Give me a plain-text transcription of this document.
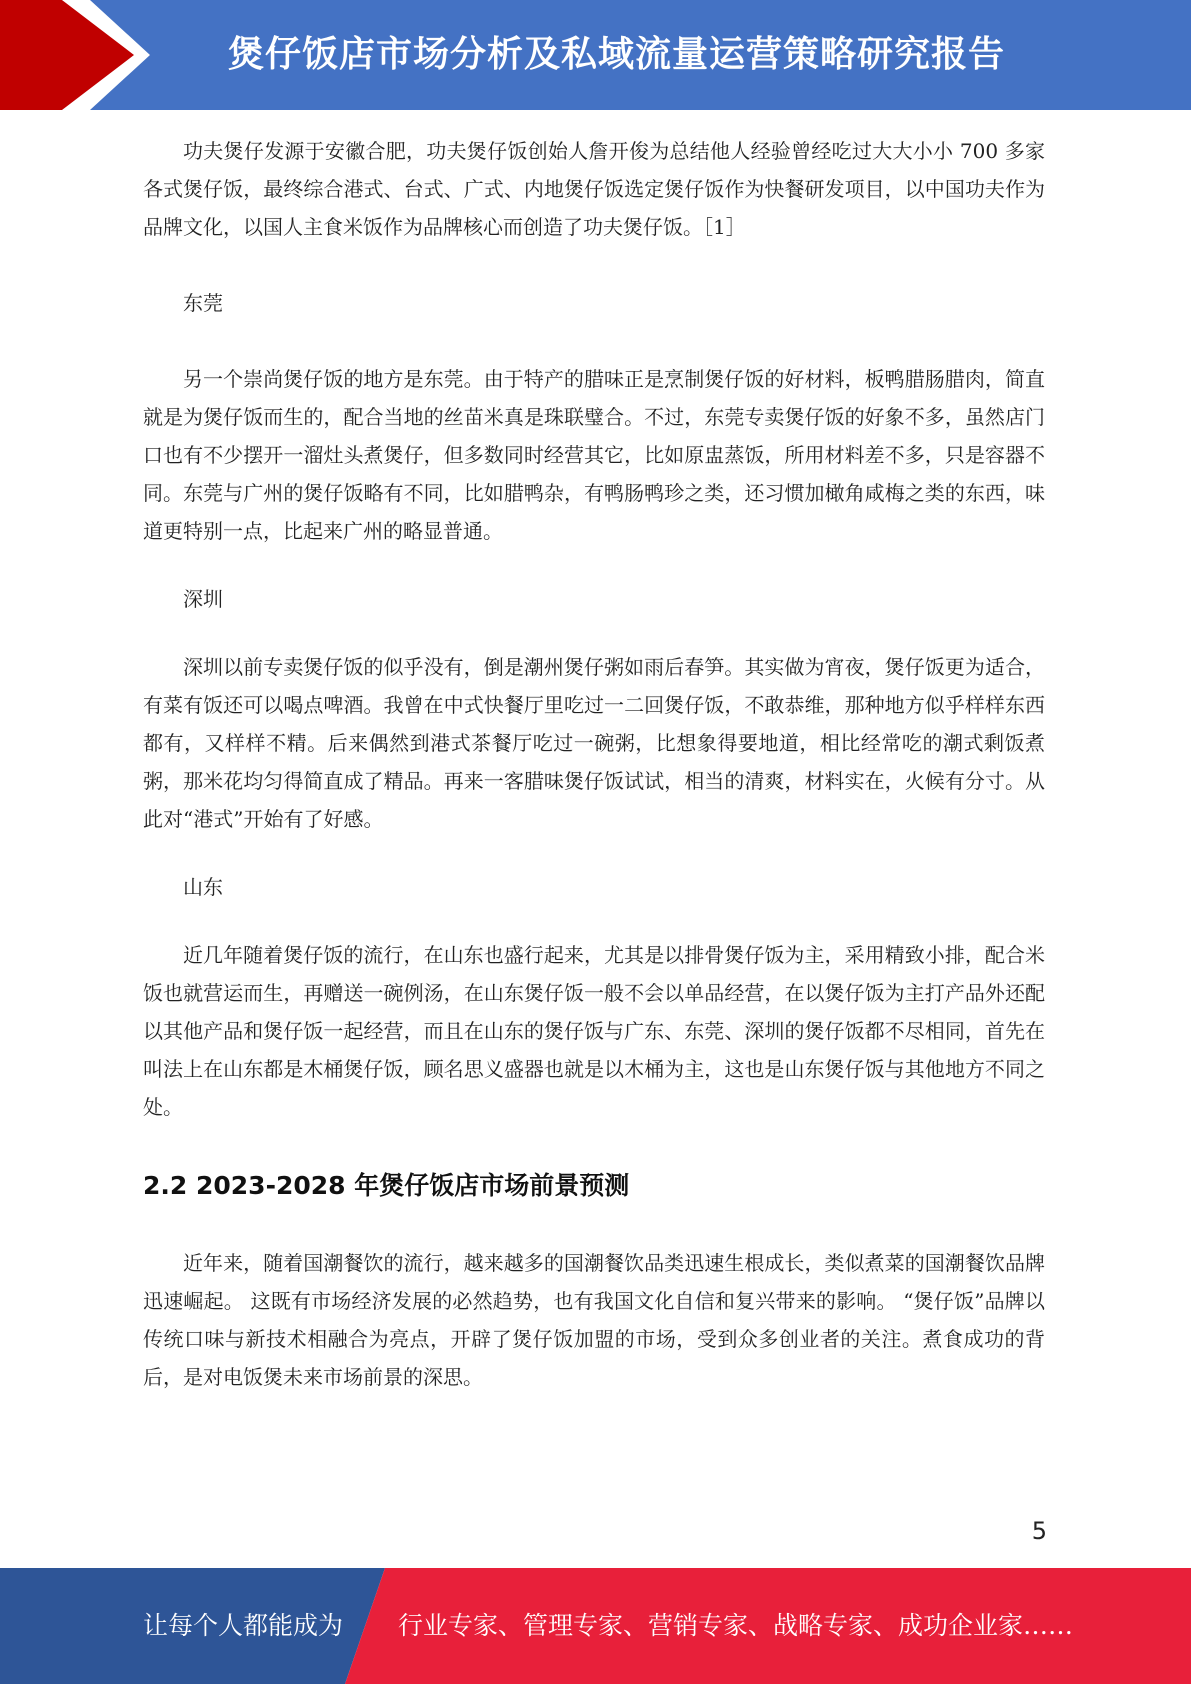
煲仔饭店市场分析及私域流量运营策略研究报告

功夫煲仔发源于安徽合肥，功夫煲仔饭创始人詹开俊为总结他人经验曾经吃过大大小小 700 多家各式煲仔饭，最终综合港式、台式、广式、内地煲仔饭选定煲仔饭作为快餐研发项目，以中国功夫作为品牌文化，以国人主食米饭作为品牌核心而创造了功夫煲仔饭。［1］

东莞

另一个崇尚煲仔饭的地方是东莞。由于特产的腊味正是烹制煲仔饭的好材料，板鸭腊肠腊肉，简直就是为煲仔饭而生的，配合当地的丝苗米真是珠联璧合。不过，东莞专卖煲仔饭的好象不多，虽然店门口也有不少摆开一溜灶头煮煲仔，但多数同时经营其它，比如原盅蒸饭，所用材料差不多，只是容器不同。东莞与广州的煲仔饭略有不同，比如腊鸭杂，有鸭肠鸭珍之类，还习惯加橄角咸梅之类的东西，味道更特别一点，比起来广州的略显普通。

深圳

深圳以前专卖煲仔饭的似乎没有，倒是潮州煲仔粥如雨后春笋。其实做为宵夜，煲仔饭更为适合，有菜有饭还可以喝点啤酒。我曾在中式快餐厅里吃过一二回煲仔饭，不敢恭维，那种地方似乎样样东西都有，又样样不精。后来偶然到港式茶餐厅吃过一碗粥，比想象得要地道，相比经常吃的潮式剩饭煮粥，那米花均匀得简直成了精品。再来一客腊味煲仔饭试试，相当的清爽，材料实在，火候有分寸。从此对“港式”开始有了好感。

山东

近几年随着煲仔饭的流行，在山东也盛行起来，尤其是以排骨煲仔饭为主，采用精致小排，配合米饭也就营运而生，再赠送一碗例汤，在山东煲仔饭一般不会以单品经营，在以煲仔饭为主打产品外还配以其他产品和煲仔饭一起经营，而且在山东的煲仔饭与广东、东莞、深圳的煲仔饭都不尽相同，首先在叫法上在山东都是木桶煲仔饭，顾名思义盛器也就是以木桶为主，这也是山东煲仔饭与其他地方不同之处。

2.2 2023-2028 年煲仔饭店市场前景预测

近年来，随着国潮餐饮的流行，越来越多的国潮餐饮品类迅速生根成长，类似煮菜的国潮餐饮品牌迅速崛起。 这既有市场经济发展的必然趋势，也有我国文化自信和复兴带来的影响。 “煲仔饭”品牌以传统口味与新技术相融合为亮点，开辟了煲仔饭加盟的市场，受到众多创业者的关注。煮食成功的背后，是对电饭煲未来市场前景的深思。

5
让每个人都能成为 行业专家、管理专家、营销专家、战略专家、成功企业家……
